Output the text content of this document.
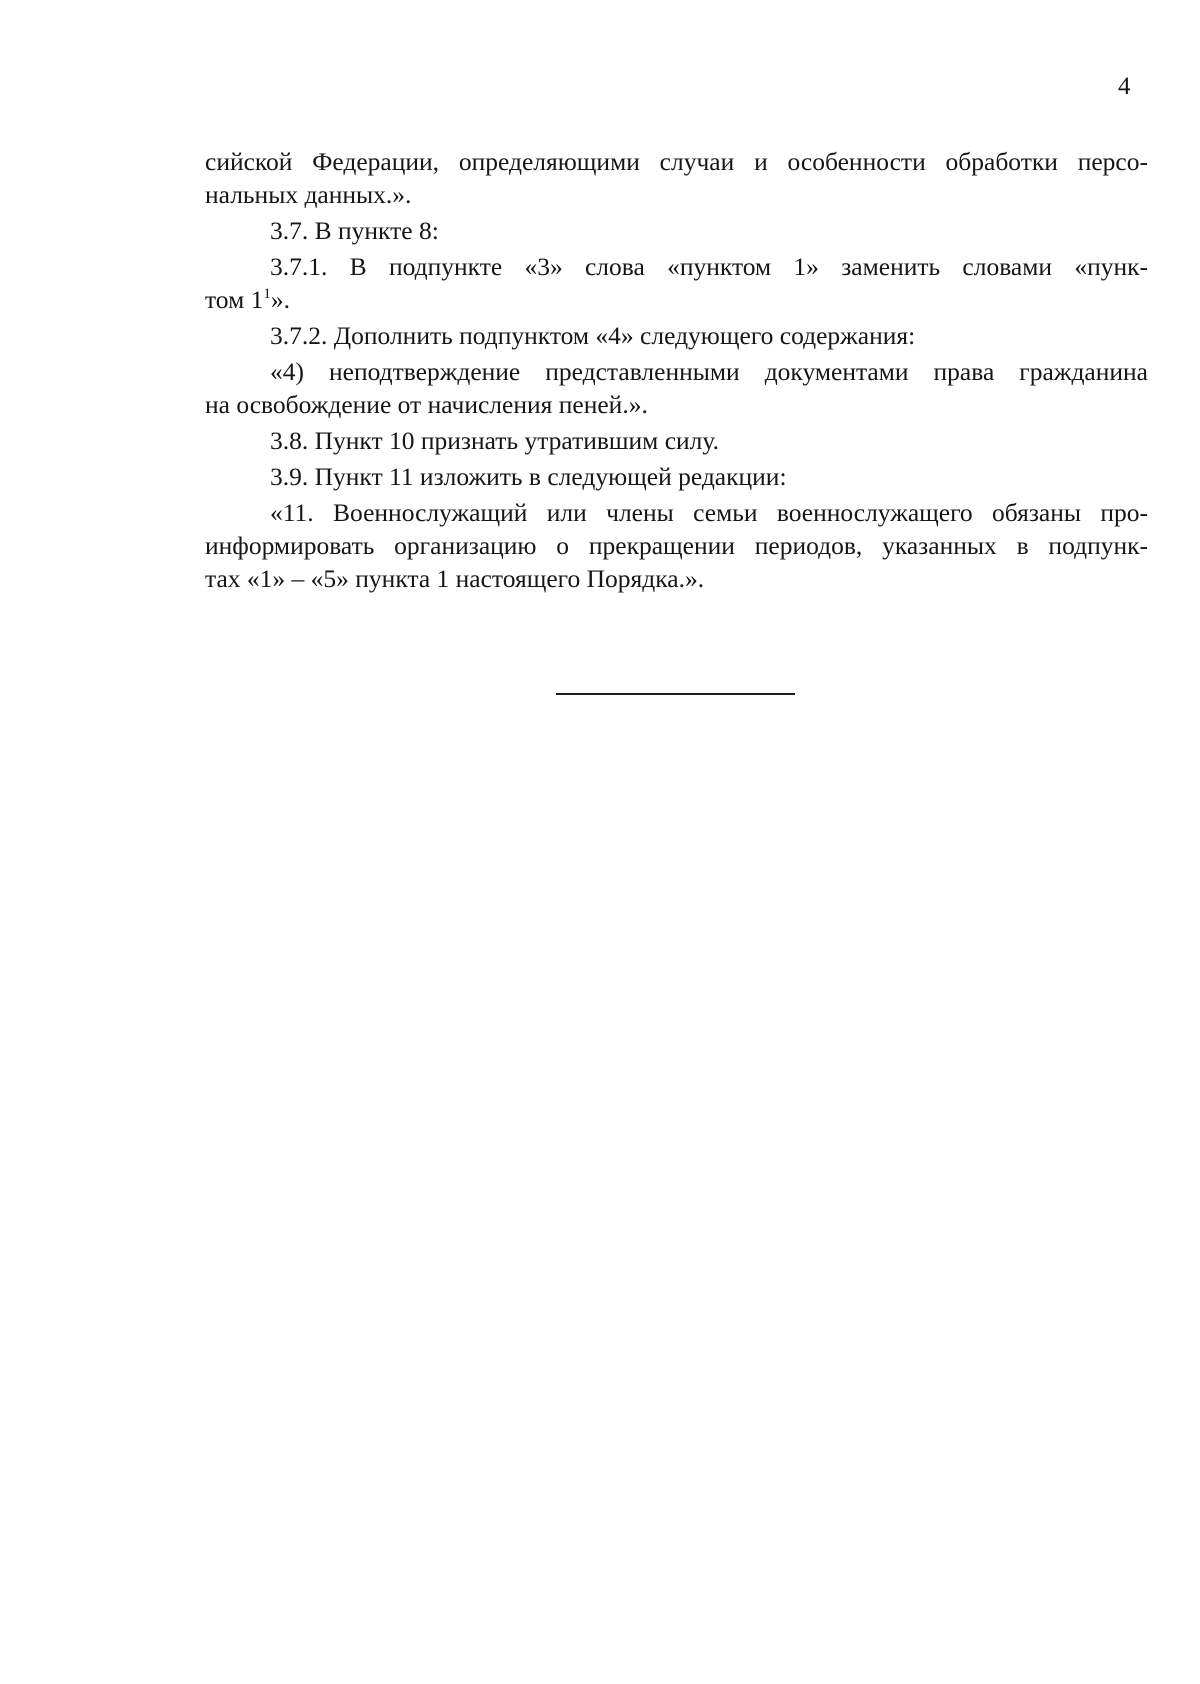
4
сийской Федерации, определяющими случаи и особенности обработки персо-
нальных данных.».
3.7. В пункте 8:
3.7.1. В подпункте «3» слова «пунктом 1» заменить словами «пунк-
том $1^1$».
3.7.2. Дополнить подпунктом «4» следующего содержания:
«4) неподтверждение представленными документами права гражданина
на освобождение от начисления пеней.».
3.8. Пункт 10 признать утратившим силу.
3.9. Пункт 11 изложить в следующей редакции:
«11. Военнослужащий или члены семьи военнослужащего обязаны про-
информировать организацию о прекращении периодов, указанных в подпунк-
тах «1» – «5» пункта 1 настоящего Порядка.».
